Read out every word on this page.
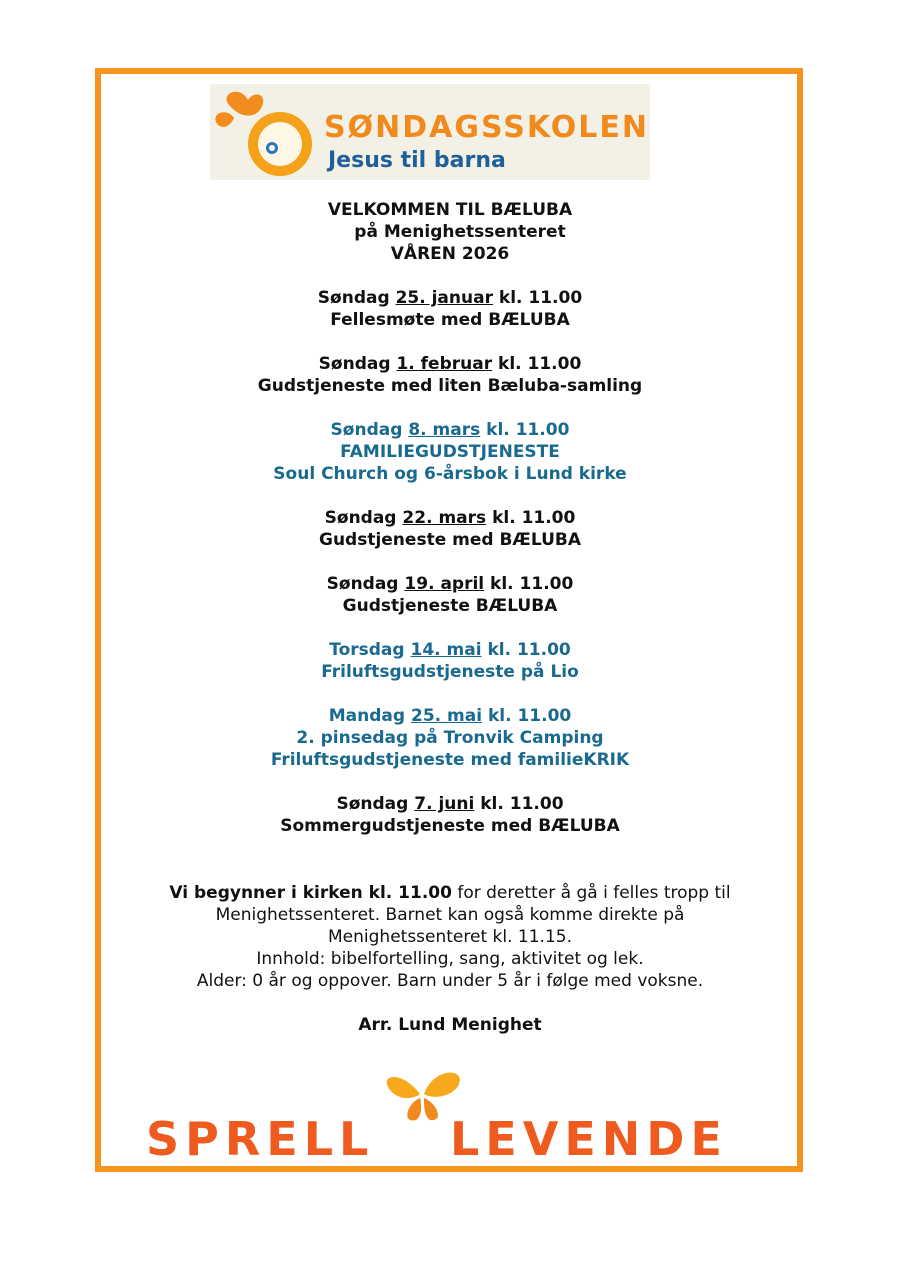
SØNDAGSSKOLEN
Jesus til barna
VELKOMMEN TIL BÆLUBA
på Menighetssenteret
VÅREN 2026
Søndag 25. januar kl. 11.00
Fellesmøte med BÆLUBA
Søndag 1. februar kl. 11.00
Gudstjeneste med liten Bæluba-samling
Søndag 8. mars kl. 11.00
FAMILIEGUDSTJENESTE
Soul Church og 6-årsbok i Lund kirke
Søndag 22. mars kl. 11.00
Gudstjeneste med BÆLUBA
Søndag 19. april kl. 11.00
Gudstjeneste BÆLUBA
Torsdag 14. mai kl. 11.00
Friluftsgudstjeneste på Lio
Mandag 25. mai kl. 11.00
2. pinsedag på Tronvik Camping
Friluftsgudstjeneste med familieKRIK
Søndag 7. juni kl. 11.00
Sommergudstjeneste med BÆLUBA
Vi begynner i kirken kl. 11.00 for deretter å gå i felles tropp til
Menighetssenteret. Barnet kan også komme direkte på
Menighetssenteret kl. 11.15.
Innhold: bibelfortelling, sang, aktivitet og lek.
Alder: 0 år og oppover. Barn under 5 år i følge med voksne.
Arr. Lund Menighet
SPRELL LEVENDE
